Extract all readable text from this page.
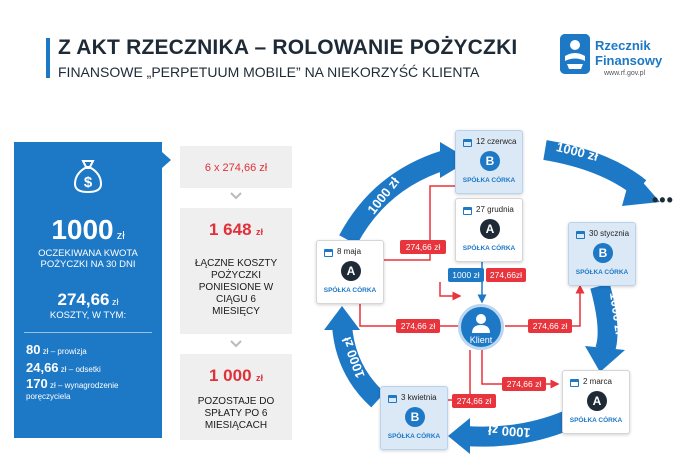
Z AKT RZECZNIKA – ROLOWANIE POŻYCZKI
FINANSOWE „PERPETUUM MOBILE” NA NIEKORZYŚĆ KLIENTA
Rzecznik
Finansowy
www.rf.gov.pl
$
1000 zł
OCZEKIWANA KWOTA POŻYCZKI NA 30 DNI
274,66 zł
KOSZTY, W TYM:
80 zł – prowizja
24,66 zł – odsetki
170 zł – wynagrodzenie poręczyciela
6 x 274,66 zł
1 648 zł
ŁĄCZNE KOSZTY POŻYCZKI PONIESIONE W CIĄGU 6 MIESIĘCY
1 000 zł
POZOSTAJE DO SPŁATY PO 6 MIESIĄCACH
1000 zł
1000 zł
1000 zł
1000 zł
1000 zł
•••
12 czerwca
B
SPÓŁKA CÓRKA
27 grudnia
A
SPÓŁKA CÓRKA
30 stycznia
B
SPÓŁKA CÓRKA
8 maja
A
SPÓŁKA CÓRKA
2 marca
A
SPÓŁKA CÓRKA
3 kwietnia
B
SPÓŁKA CÓRKA
274,66 zł
1000 zł	274,66zł
274,66 zł	274,66 zł
274,66 zł
274,66 zł
Klient
